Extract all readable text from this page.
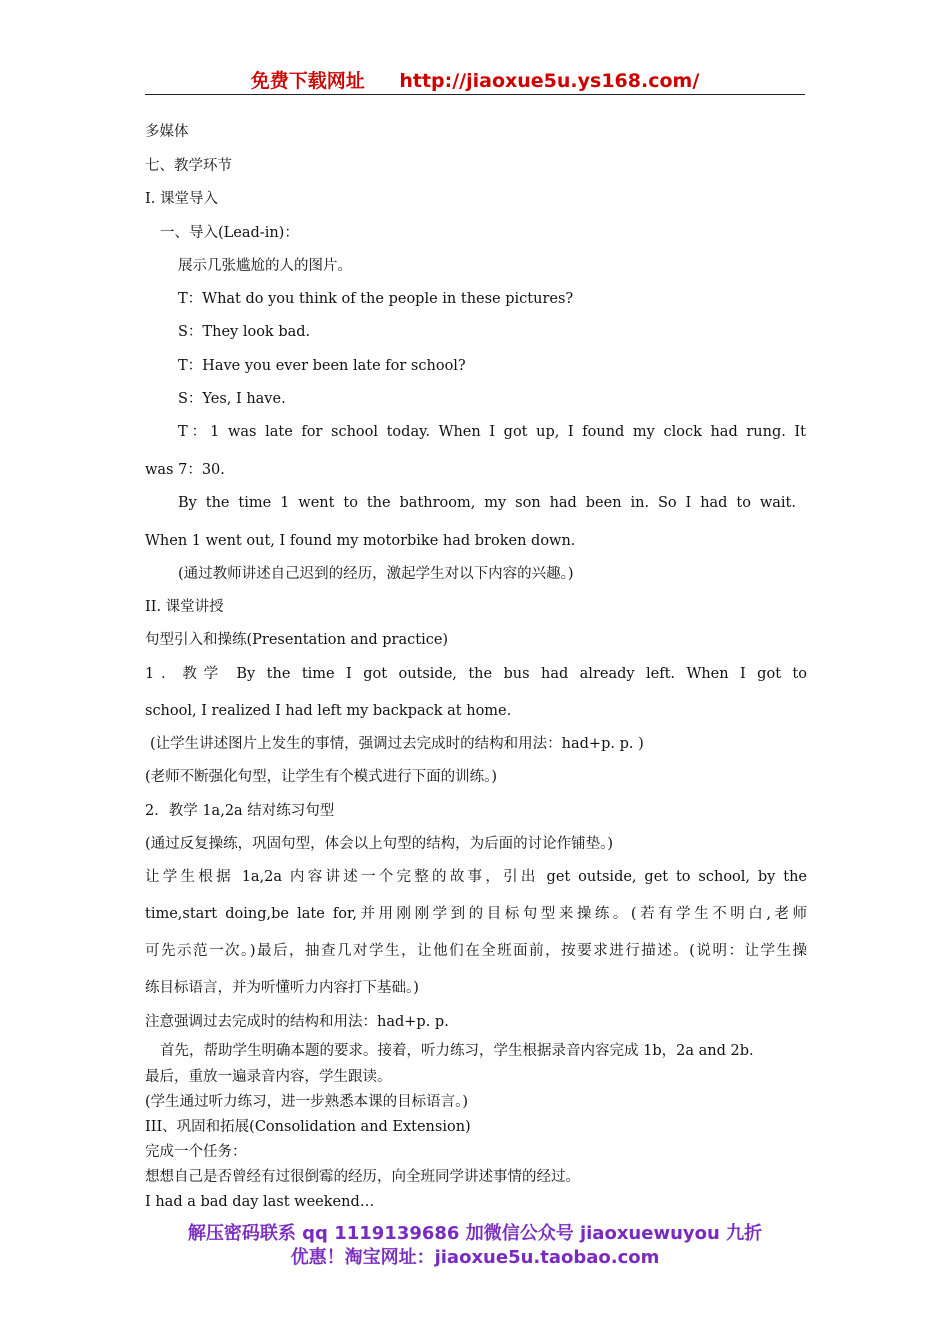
免费下载网址 http://jiaoxue5u.ys168.com/
多媒体
七、教学环节
I. 课堂导入
一、导入(Lead-in)：
展示几张尴尬的人的图片。
T：What do you think of the people in these pictures?
S：They look bad.
T：Have you ever been late for school?
S：Yes, I have.
T：1 was late for school today. When I got up, I found my clock had rung. It
was 7：30.
By the time 1 went to the bathroom, my son had been in. So I had to wait.
When 1 went out, I found my motorbike had broken down.
(通过教师讲述自己迟到的经历，激起学生对以下内容的兴趣。)
II. 课堂讲授
句型引入和操练(Presentation and practice)
1．教学 By the time I got outside, the bus had already left. When I got to
school, I realized I had left my backpack at home.
(让学生讲述图片上发生的事情，强调过去完成时的结构和用法：had+p. p. )
(老师不断强化句型，让学生有个模式进行下面的训练。)
2．教学 1a,2a 结对练习句型
(通过反复操练，巩固句型，体会以上句型的结构，为后面的讨论作铺垫。)
让学生根据 1a,2a 内容讲述一个完整的故事，引出 get outside, get to school, by the
time,start doing,be late for,并用刚刚学到的目标句型来操练。(若有学生不明白,老师
可先示范一次。)最后，抽查几对学生，让他们在全班面前，按要求进行描述。(说明：让学生操
练目标语言，并为听懂听力内容打下基础。)
注意强调过去完成时的结构和用法：had+p. p.
首先，帮助学生明确本题的要求。接着，听力练习，学生根据录音内容完成 1b，2a and 2b.
最后，重放一遍录音内容，学生跟读。
(学生通过听力练习，进一步熟悉本课的目标语言。)
III、巩固和拓展(Consolidation and Extension)
完成一个任务：
想想自己是否曾经有过很倒霉的经历，向全班同学讲述事情的经过。
I had a bad day last weekend…
解压密码联系 qq 1119139686 加微信公众号 jiaoxuewuyou 九折
优惠！淘宝网址：jiaoxue5u.taobao.com
